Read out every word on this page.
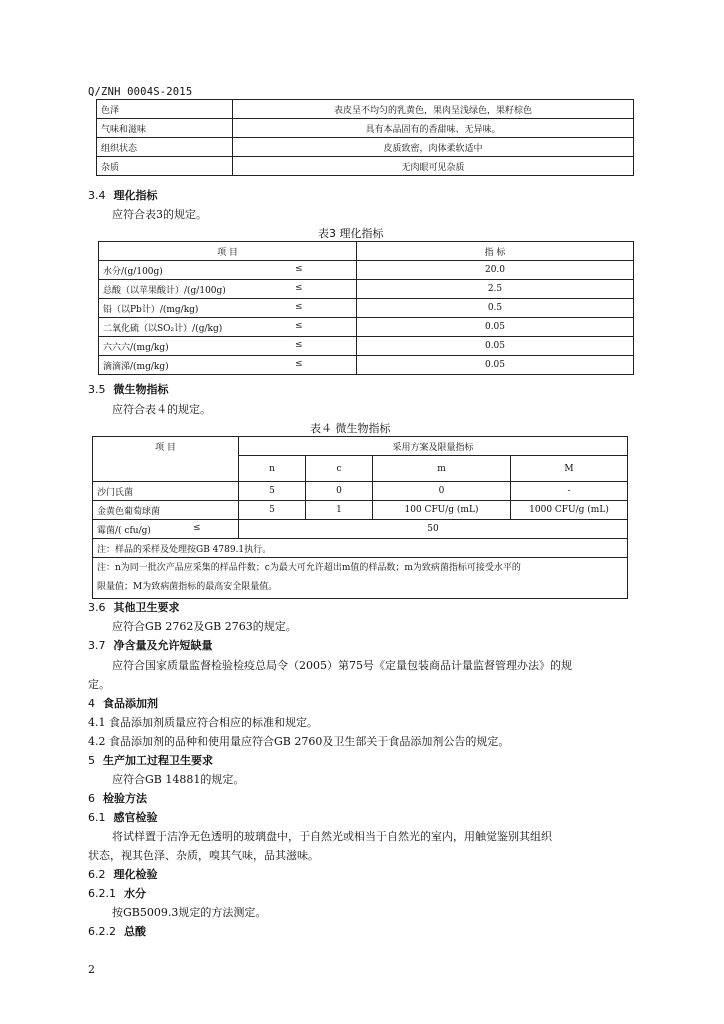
Q/ZNH 0004S-2015
色泽	表皮呈不均匀的乳黄色，果肉呈浅绿色，果籽棕色
气味和滋味	具有本品固有的香甜味、无异味。
组织状态	皮质致密，肉体柔软适中
杂质	无肉眼可见杂质
3.4 理化指标
应符合表3的规定。
表3 理化指标
项 目	指 标
水分/(g/100g) ≤	20.0
总酸（以苹果酸计）/(g/100g) ≤	2.5
铅（以Pb计）/(mg/kg) ≤	0.5
二氧化硫（以SO₂计）/(g/kg) ≤	0.05
六六六/(mg/kg) ≤	0.05
滴滴涕/(mg/kg) ≤	0.05
3.5 微生物指标
应符合表４的规定。
表４ 微生物指标
项 目	采用方案及限量指标			
	n	c	m	M
沙门氏菌	5	0	0	-
金黄色葡萄球菌	5	1	100 CFU/g (mL)	1000 CFU/g (mL)
霉菌/( cfu/g) ≤	50			
注：样品的采样及处理按GB 4789.1执行。				

注：n为同一批次产品应采集的样品件数；c为最大可允许超出m值的样品数；m为致病菌指标可接受水平的
限量值；M为致病菌指标的最高安全限量值。				
3.6 其他卫生要求
应符合GB 2762及GB 2763的规定。
3.7 净含量及允许短缺量
应符合国家质量监督检验检疫总局令（2005）第75号《定量包装商品计量监督管理办法》的规
定。
4 食品添加剂
4.1 食品添加剂质量应符合相应的标准和规定。
4.2 食品添加剂的品种和使用量应符合GB 2760及卫生部关于食品添加剂公告的规定。
5 生产加工过程卫生要求
应符合GB 14881的规定。
6 检验方法
6.1 感官检验
将试样置于洁净无色透明的玻璃盘中，于自然光或相当于自然光的室内，用触觉鉴别其组织
状态，视其色泽、杂质，嗅其气味，品其滋味。
6.2 理化检验
6.2.1 水分
按GB5009.3规定的方法测定。
6.2.2 总酸
2
